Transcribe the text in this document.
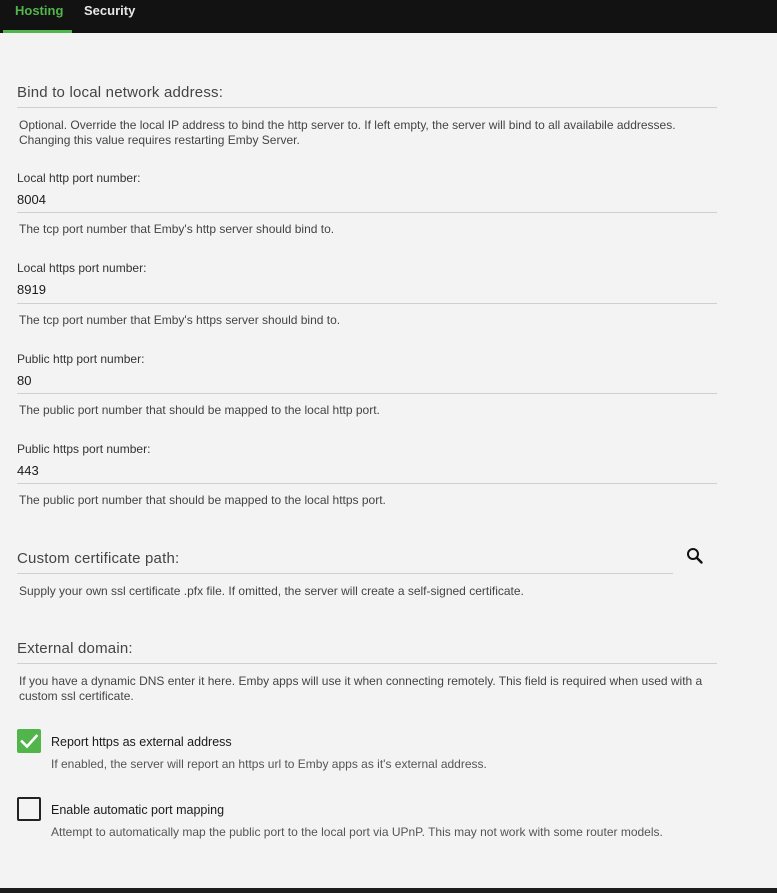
Hosting Security
Bind to local network address:
Optional. Override the local IP address to bind the http server to. If left empty, the server will bind to all availabile addresses. Changing this value requires restarting Emby Server.
Local http port number:
8004
The tcp port number that Emby's http server should bind to.
Local https port number:
8919
The tcp port number that Emby's https server should bind to.
Public http port number:
80
The public port number that should be mapped to the local http port.
Public https port number:
443
The public port number that should be mapped to the local https port.
Custom certificate path:
Supply your own ssl certificate .pfx file. If omitted, the server will create a self-signed certificate.
External domain:
If you have a dynamic DNS enter it here. Emby apps will use it when connecting remotely. This field is required when used with a custom ssl certificate.
Report https as external address
If enabled, the server will report an https url to Emby apps as it's external address.
Enable automatic port mapping
Attempt to automatically map the public port to the local port via UPnP. This may not work with some router models.
